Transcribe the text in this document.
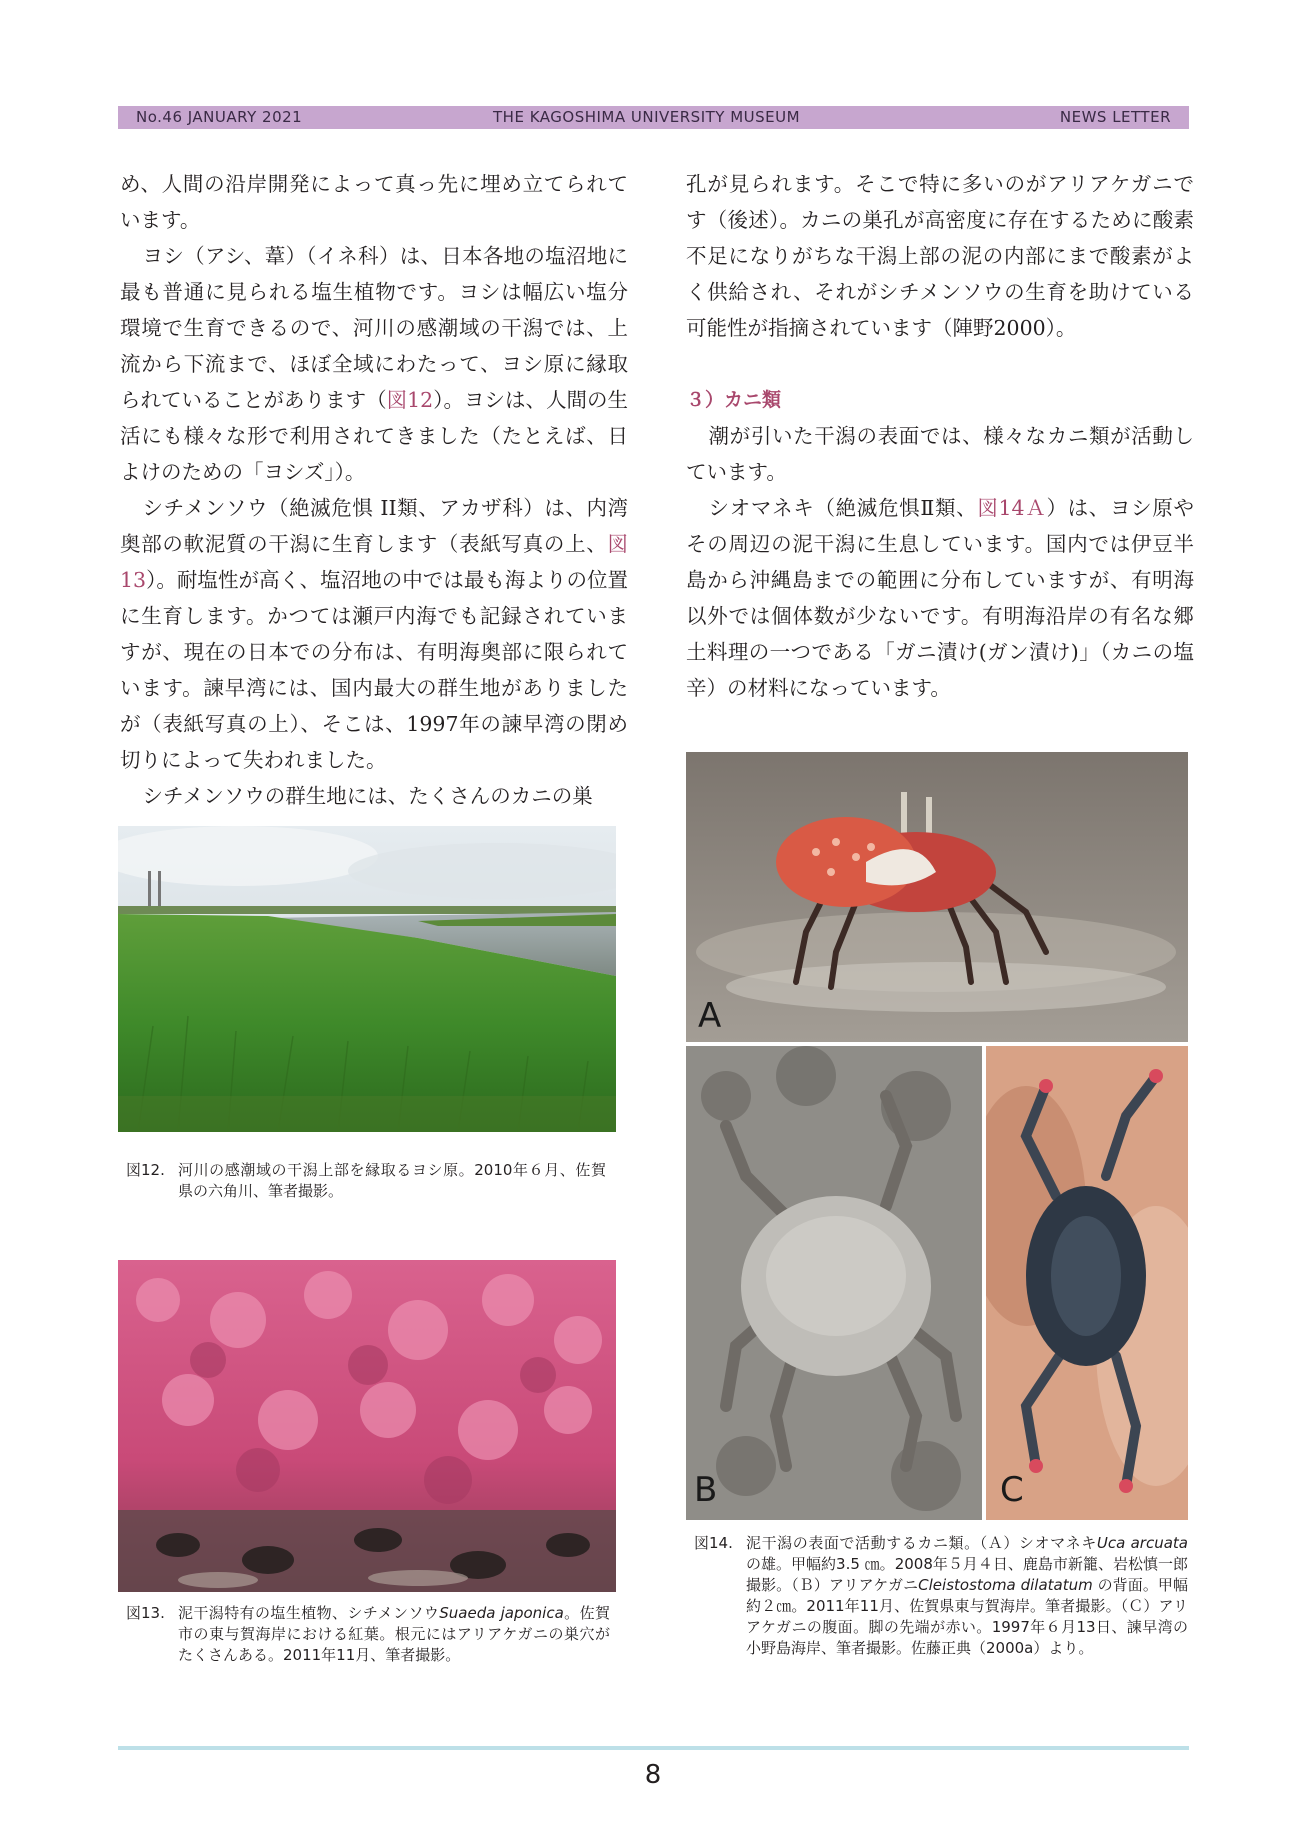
No.46 JANUARY 2021	THE KAGOSHIMA UNIVERSITY MUSEUM	NEWS LETTER

め、人間の沿岸開発によって真っ先に埋め立てられています。

ヨシ（アシ、葦）（イネ科）は、日本各地の塩沼地に最も普通に見られる塩生植物です。ヨシは幅広い塩分環境で生育できるので、河川の感潮域の干潟では、上流から下流まで、ほぼ全域にわたって、ヨシ原に縁取られていることがあります（図12）。ヨシは、人間の生活にも様々な形で利用されてきました（たとえば、日よけのための「ヨシズ」）。

シチメンソウ（絶滅危惧 II類、アカザ科）は、内湾奥部の軟泥質の干潟に生育します（表紙写真の上、図13）。耐塩性が高く、塩沼地の中では最も海よりの位置に生育します。かつては瀬戸内海でも記録されていますが、現在の日本での分布は、有明海奥部に限られています。諫早湾には、国内最大の群生地がありましたが（表紙写真の上）、そこは、1997年の諫早湾の閉め切りによって失われました。

シチメンソウの群生地には、たくさんのカニの巣

孔が見られます。そこで特に多いのがアリアケガニです（後述）。カニの巣孔が高密度に存在するために酸素不足になりがちな干潟上部の泥の内部にまで酸素がよく供給され、それがシチメンソウの生育を助けている可能性が指摘されています（陣野2000）。

３）カニ類

潮が引いた干潟の表面では、様々なカニ類が活動しています。

シオマネキ（絶滅危惧Ⅱ類、図14Ａ）は、ヨシ原やその周辺の泥干潟に生息しています。国内では伊豆半島から沖縄島までの範囲に分布していますが、有明海以外では個体数が少ないです。有明海沿岸の有名な郷土料理の一つである「ガニ漬け(ガン漬け)」（カニの塩辛）の材料になっています。

図12. 河川の感潮域の干潟上部を縁取るヨシ原。2010年６月、佐賀県の六角川、筆者撮影。
図13. 泥干潟特有の塩生植物、シチメンソウSuaeda japonica。佐賀市の東与賀海岸における紅葉。根元にはアリアケガニの巣穴がたくさんある。2011年11月、筆者撮影。
A
B	C
図14. 泥干潟の表面で活動するカニ類。（Ａ）シオマネキUca arcuataの雄。甲幅約3.5 ㎝。2008年５月４日、鹿島市新籠、岩松慎一郎撮影。（Ｂ）アリアケガニCleistostoma dilatatum の背面。甲幅約２㎝。2011年11月、佐賀県東与賀海岸。筆者撮影。（Ｃ）アリアケガニの腹面。脚の先端が赤い。1997年６月13日、諫早湾の小野島海岸、筆者撮影。佐藤正典（2000a）より。
8
